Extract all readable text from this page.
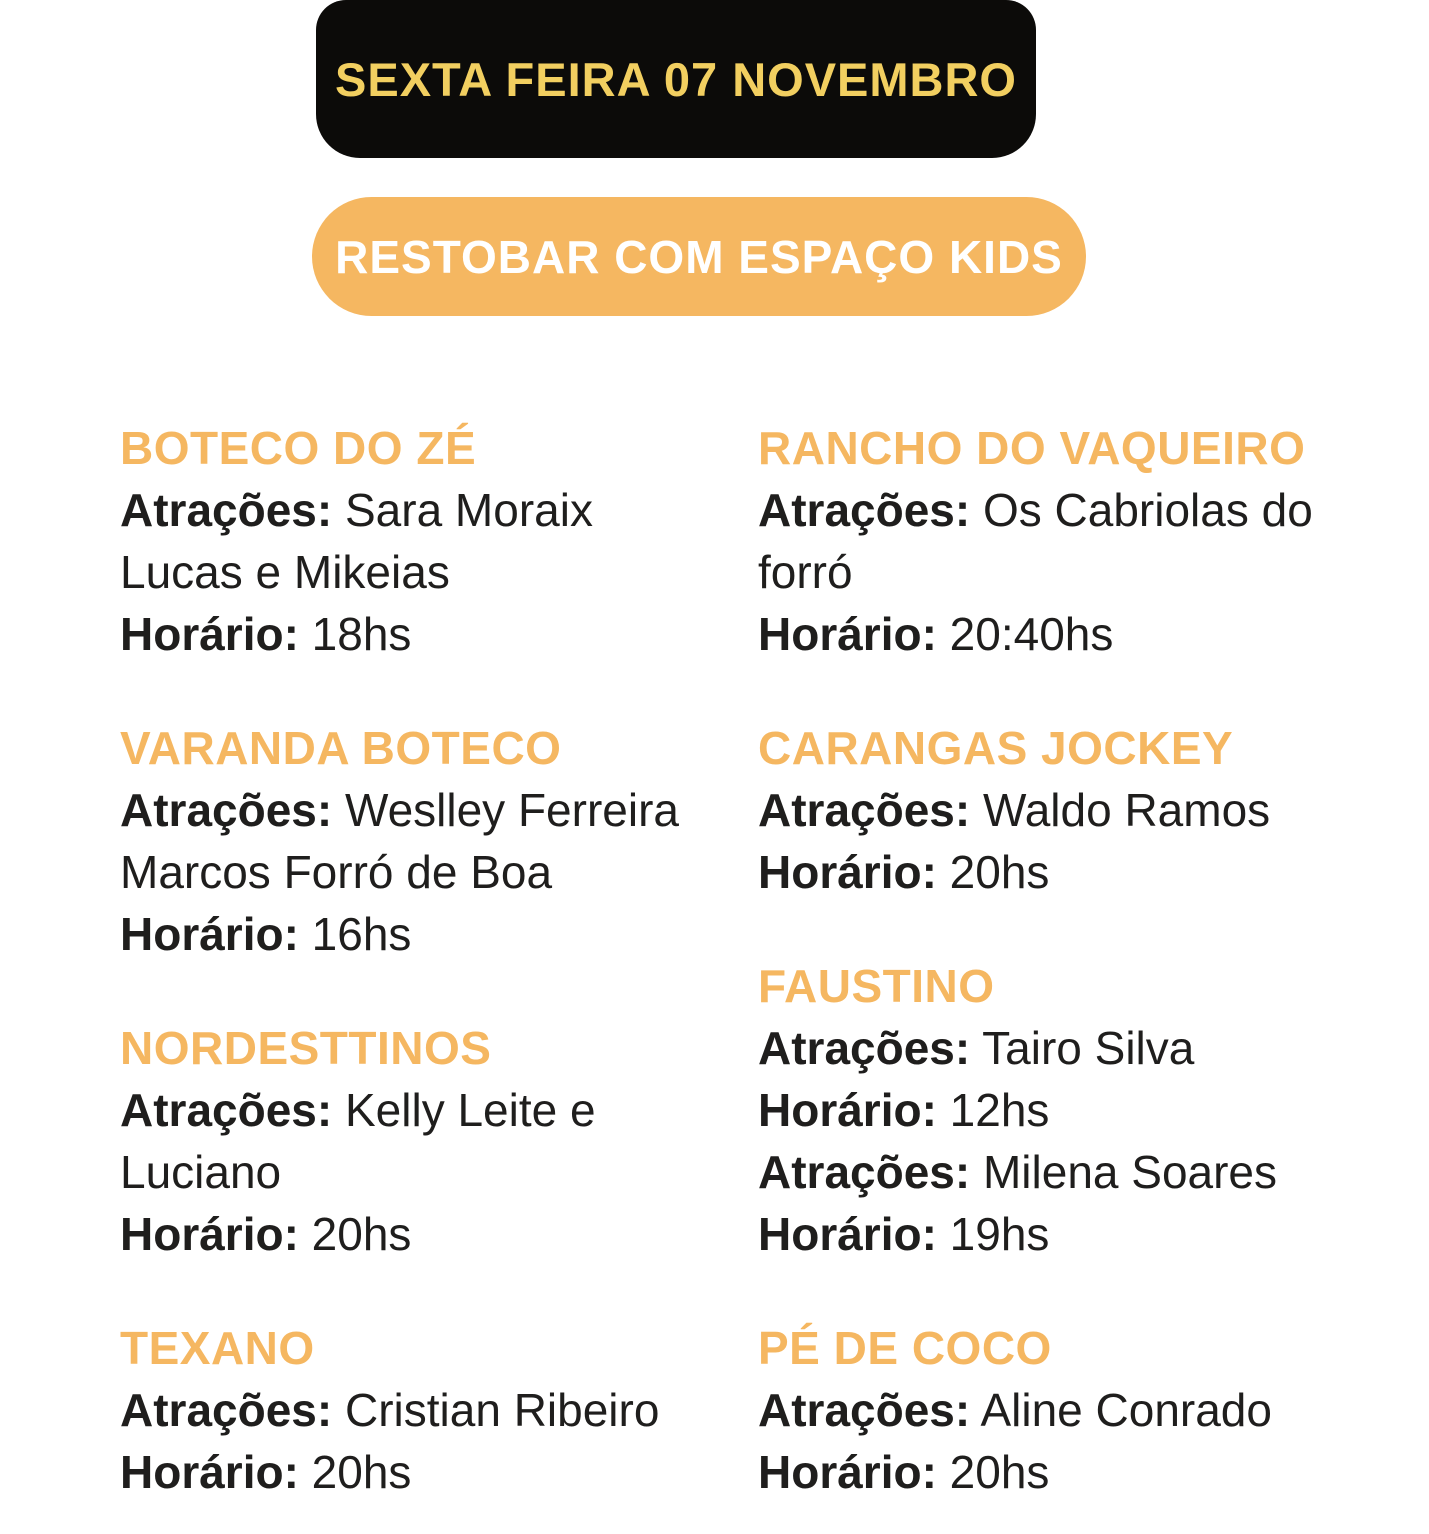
SEXTA FEIRA 07 NOVEMBRO
RESTOBAR COM ESPAÇO KIDS
BOTECO DO ZÉ

Atrações: Sara Moraix Lucas e Mikeias

Horário: 18hs

VARANDA BOTECO

Atrações: Weslley Ferreira Marcos Forró de Boa

Horário: 16hs

NORDESTTINOS

Atrações: Kelly Leite e Luciano

Horário: 20hs

TEXANO

Atrações: Cristian Ribeiro

Horário: 20hs

RANCHO DO VAQUEIRO

Atrações: Os Cabriolas do forró

Horário: 20:40hs

CARANGAS JOCKEY

Atrações: Waldo Ramos

Horário: 20hs

FAUSTINO

Atrações: Tairo Silva

Horário: 12hs

Atrações: Milena Soares

Horário: 19hs

PÉ DE COCO

Atrações: Aline Conrado

Horário: 20hs
